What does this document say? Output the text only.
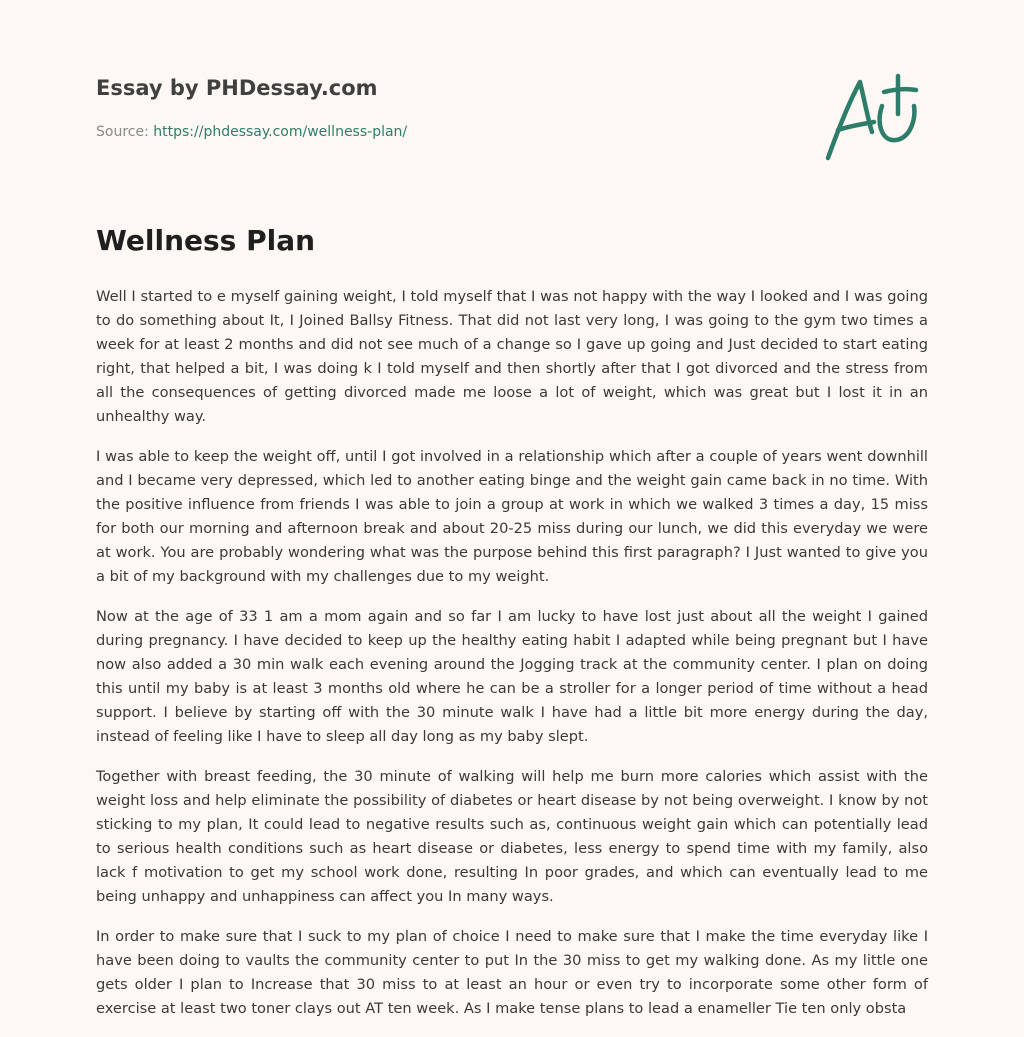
Essay by PHDessay.com
Source: https://phdessay.com/wellness-plan/
Wellness Plan

Well I started to e myself gaining weight, I told myself that I was not happy with the way I looked and I was going to do something about It, I Joined Ballsy Fitness. That did not last very long, I was going to the gym two times a week for at least 2 months and did not see much of a change so I gave up going and Just decided to start eating right, that helped a bit, I was doing k I told myself and then shortly after that I got divorced and the stress from all the consequences of getting divorced made me loose a lot of weight, which was great but I lost it in an unhealthy way.

I was able to keep the weight off, until I got involved in a relationship which after a couple of years went downhill and I became very depressed, which led to another eating binge and the weight gain came back in no time. With the positive influence from friends I was able to join a group at work in which we walked 3 times a day, 15 miss for both our morning and afternoon break and about 20-25 miss during our lunch, we did this everyday we were at work. You are probably wondering what was the purpose behind this first paragraph? I Just wanted to give you a bit of my background with my challenges due to my weight.

Now at the age of 33 1 am a mom again and so far I am lucky to have lost just about all the weight I gained during pregnancy. I have decided to keep up the healthy eating habit I adapted while being pregnant but I have now also added a 30 min walk each evening around the Jogging track at the community center. I plan on doing this until my baby is at least 3 months old where he can be a stroller for a longer period of time without a head support. I believe by starting off with the 30 minute walk I have had a little bit more energy during the day, instead of feeling like I have to sleep all day long as my baby slept.

Together with breast feeding, the 30 minute of walking will help me burn more calories which assist with the weight loss and help eliminate the possibility of diabetes or heart disease by not being overweight. I know by not sticking to my plan, It could lead to negative results such as, continuous weight gain which can potentially lead to serious health conditions such as heart disease or diabetes, less energy to spend time with my family, also lack f motivation to get my school work done, resulting In poor grades, and which can eventually lead to me being unhappy and unhappiness can affect you In many ways.

In order to make sure that I suck to my plan of choice I need to make sure that I make the time everyday like I have been doing to vaults the community center to put In the 30 miss to get my walking done. As my little one gets older I plan to Increase that 30 miss to at least an hour or even try to incorporate some other form of exercise at least two toner clays out AT ten week. As I make tense plans to lead a enameller Tie ten only obsta
